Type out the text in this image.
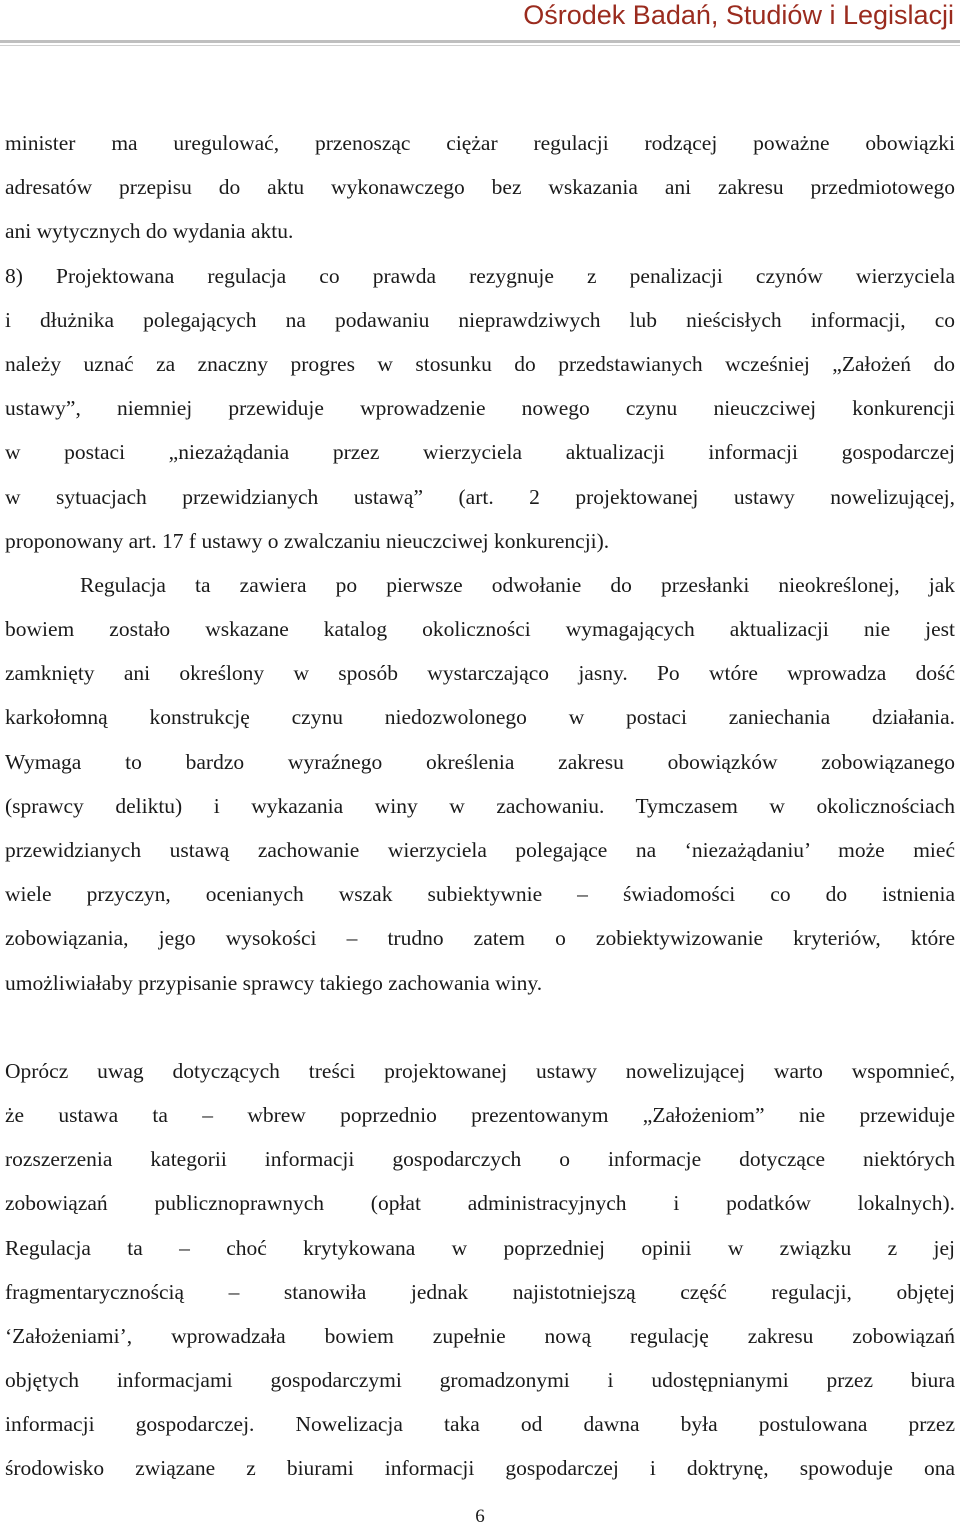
Ośrodek Badań, Studiów i Legislacji
minister ma uregulować, przenosząc ciężar regulacji rodzącej poważne obowiązki
adresatów przepisu do aktu wykonawczego bez wskazania ani zakresu przedmiotowego
ani wytycznych do wydania aktu.
8) Projektowana regulacja co prawda rezygnuje z penalizacji czynów wierzyciela
i dłużnika polegających na podawaniu nieprawdziwych lub nieścisłych informacji, co
należy uznać za znaczny progres w stosunku do przedstawianych wcześniej „Założeń do
ustawy”, niemniej przewiduje wprowadzenie nowego czynu nieuczciwej konkurencji
w postaci „niezażądania przez wierzyciela aktualizacji informacji gospodarczej
w sytuacjach przewidzianych ustawą” (art. 2 projektowanej ustawy nowelizującej,
proponowany art. 17 f ustawy o zwalczaniu nieuczciwej konkurencji).
Regulacja ta zawiera po pierwsze odwołanie do przesłanki nieokreślonej, jak
bowiem zostało wskazane katalog okoliczności wymagających aktualizacji nie jest
zamknięty ani określony w sposób wystarczająco jasny. Po wtóre wprowadza dość
karkołomną konstrukcję czynu niedozwolonego w postaci zaniechania działania.
Wymaga to bardzo wyraźnego określenia zakresu obowiązków zobowiązanego
(sprawcy deliktu) i wykazania winy w zachowaniu. Tymczasem w okolicznościach
przewidzianych ustawą zachowanie wierzyciela polegające na ‘niezażądaniu’ może mieć
wiele przyczyn, ocenianych wszak subiektywnie – świadomości co do istnienia
zobowiązania, jego wysokości – trudno zatem o zobiektywizowanie kryteriów, które
umożliwiałaby przypisanie sprawcy takiego zachowania winy.
Oprócz uwag dotyczących treści projektowanej ustawy nowelizującej warto wspomnieć,
że ustawa ta – wbrew poprzednio prezentowanym „Założeniom” nie przewiduje
rozszerzenia kategorii informacji gospodarczych o informacje dotyczące niektórych
zobowiązań publicznoprawnych (opłat administracyjnych i podatków lokalnych).
Regulacja ta – choć krytykowana w poprzedniej opinii w związku z jej
fragmentarycznością – stanowiła jednak najistotniejszą część regulacji, objętej
‘Założeniami’, wprowadzała bowiem zupełnie nową regulację zakresu zobowiązań
objętych informacjami gospodarczymi gromadzonymi i udostępnianymi przez biura
informacji gospodarczej. Nowelizacja taka od dawna była postulowana przez
środowisko związane z biurami informacji gospodarczej i doktrynę, spowoduje ona
6
